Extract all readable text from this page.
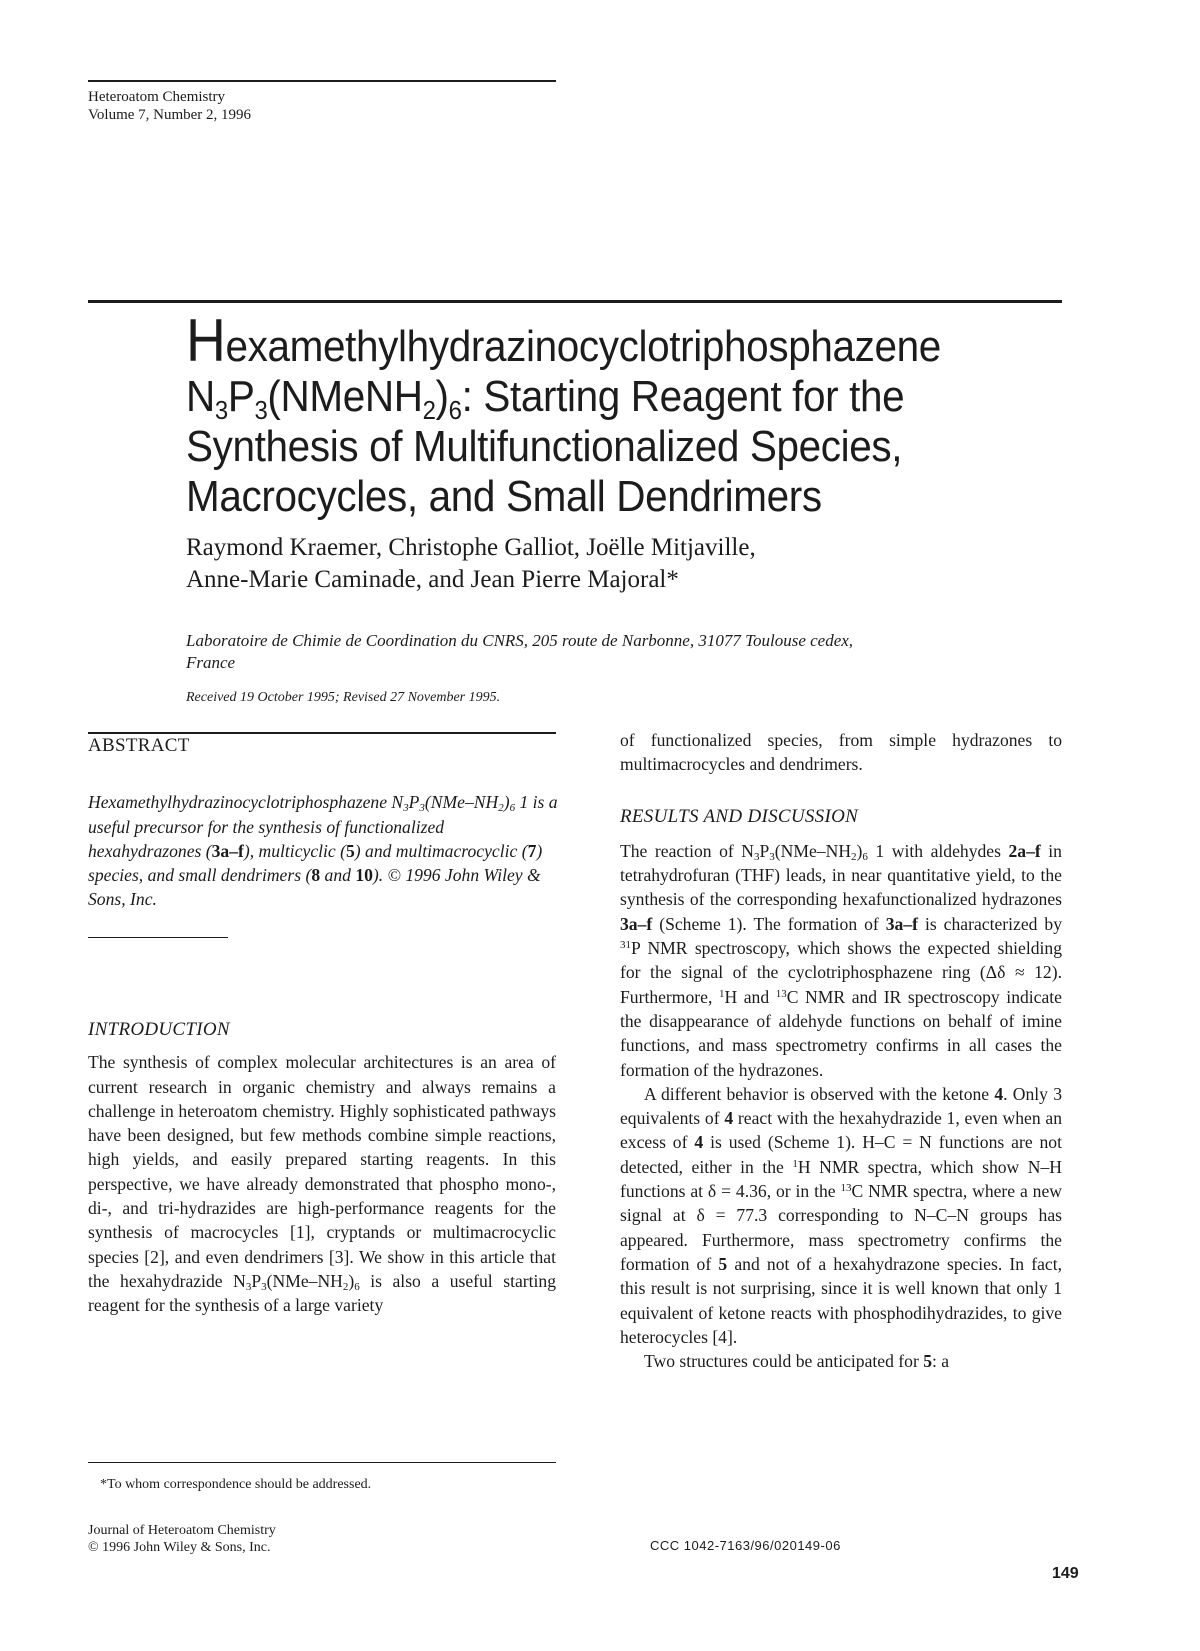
Heteroatom Chemistry
Volume 7, Number 2, 1996
Hexamethylhydrazinocyclotriphosphazene
$N_3P_3(NMeNH_2)_6$: Starting Reagent for the
Synthesis of Multifunctionalized Species,
Macrocycles, and Small Dendrimers
Raymond Kraemer, Christophe Galliot, Joëlle Mitjaville,
Anne-Marie Caminade, and Jean Pierre Majoral*
Laboratoire de Chimie de Coordination du CNRS, 205 route de Narbonne, 31077 Toulouse cedex,
France
Received 19 October 1995; Revised 27 November 1995.
ABSTRACT
Hexamethylhydrazinocyclotriphosphazene $N_3P_3(NMe-NH_2)_6$ 1 is a useful precursor for the synthesis of functionalized hexahydrazones (3a–f), multicyclic (5) and multimacrocyclic (7) species, and small dendrimers (8 and 10). © 1996 John Wiley & Sons, Inc.
INTRODUCTION
The synthesis of complex molecular architectures is an area of current research in organic chemistry and always remains a challenge in heteroatom chemistry. Highly sophisticated pathways have been designed, but few methods combine simple reactions, high yields, and easily prepared starting reagents. In this perspective, we have already demonstrated that phospho mono-, di-, and tri-hydrazides are high-performance reagents for the synthesis of macrocycles [1], cryptands or multimacrocyclic species [2], and even dendrimers [3]. We show in this article that the hexahydrazide $N_3P_3(NMe-NH_2)_6$ is also a useful starting reagent for the synthesis of a large variety
*To whom correspondence should be addressed.
of functionalized species, from simple hydrazones to multimacrocycles and dendrimers.
RESULTS AND DISCUSSION
The reaction of $N_3P_3(NMe-NH_2)_6$ 1 with aldehydes 2a–f in tetrahydrofuran (THF) leads, in near quantitative yield, to the synthesis of the corresponding hexafunctionalized hydrazones 3a–f (Scheme 1). The formation of 3a–f is characterized by $^{31}$P NMR spectroscopy, which shows the expected shielding for the signal of the cyclotriphosphazene ring (Δδ ≈ 12). Furthermore, $^1$H and $^{13}$C NMR and IR spectroscopy indicate the disappearance of aldehyde functions on behalf of imine functions, and mass spectrometry confirms in all cases the formation of the hydrazones.
A different behavior is observed with the ketone 4. Only 3 equivalents of 4 react with the hexahydrazide 1, even when an excess of 4 is used (Scheme 1). H–C = N functions are not detected, either in the $^1$H NMR spectra, which show N–H functions at δ = 4.36, or in the $^{13}$C NMR spectra, where a new signal at δ = 77.3 corresponding to N–C–N groups has appeared. Furthermore, mass spectrometry confirms the formation of 5 and not of a hexahydrazone species. In fact, this result is not surprising, since it is well known that only 1 equivalent of ketone reacts with phosphodihydrazides, to give heterocycles [4].
Two structures could be anticipated for 5: a
Journal of Heteroatom Chemistry
© 1996 John Wiley & Sons, Inc.	CCC 1042-7163/96/020149-06
149
